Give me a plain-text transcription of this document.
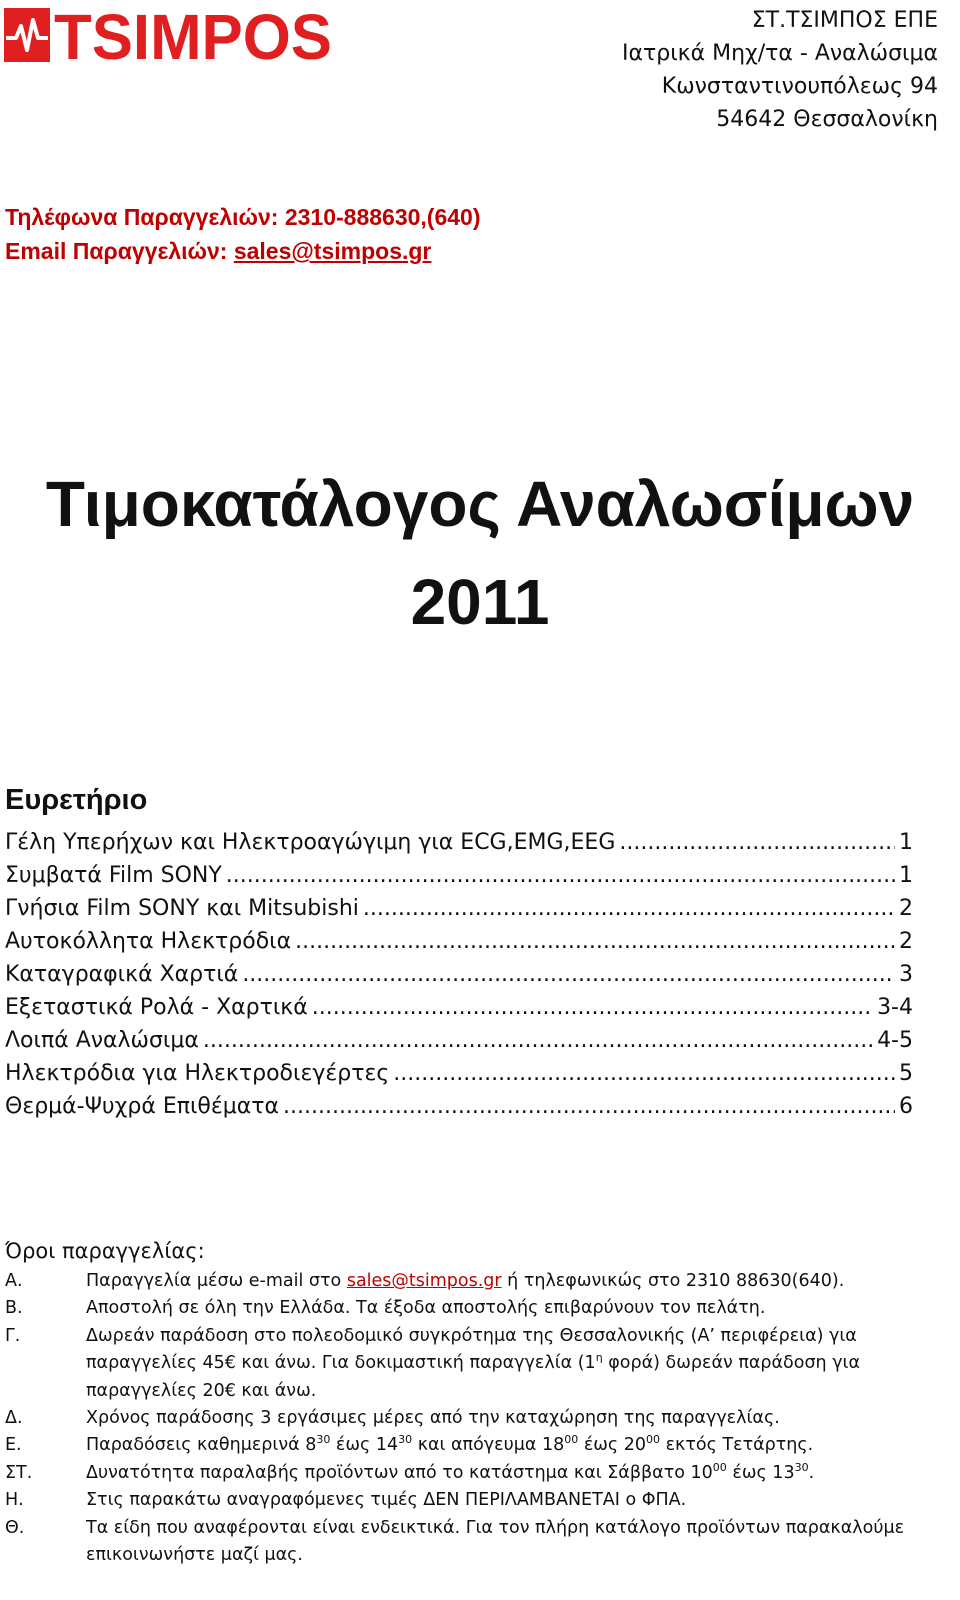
TSIMPOS	ΣΤ.ΤΣΙΜΠΟΣ ΕΠΕ
Ιατρικά Μηχ/τα - Αναλώσιμα
Κωνσταντινουπόλεως 94
54642 Θεσσαλονίκη
Τηλέφωνα Παραγγελιών: 2310-888630,(640)
Email Παραγγελιών: sales@tsimpos.gr
Τιμοκατάλογος Αναλωσίμων
2011
Ευρετήριο
Γέλη Υπερήχων και Ηλεκτροαγώγιμη για ECG,EMG,EEG .....	1
Συμβατά Film SONY .....	1
Γνήσια Film SONY και Mitsubishi .....	2
Αυτοκόλλητα Ηλεκτρόδια .....	2
Καταγραφικά Χαρτιά .....	3
Εξεταστικά Ρολά - Χαρτικά .....	3-4
Λοιπά Αναλώσιμα .....	4-5
Ηλεκτρόδια για Ηλεκτροδιεγέρτες .....	5
Θερμά-Ψυχρά Επιθέματα .....	6
Όροι παραγγελίας:
Α.	Παραγγελία μέσω e-mail στο sales@tsimpos.gr ή τηλεφωνικώς στο 2310 88630(640).
Β.	Αποστολή σε όλη την Ελλάδα. Τα έξοδα αποστολής επιβαρύνουν τον πελάτη.
Γ.	Δωρεάν παράδοση στο πολεοδομικό συγκρότημα της Θεσσαλονικής (Α’ περιφέρεια) για παραγγελίες 45€ και άνω. Για δοκιμαστική παραγγελία ($1^\eta$ φορά) δωρεάν παράδοση για παραγγελίες 20€ και άνω.
Δ.	Χρόνος παράδοσης 3 εργάσιμες μέρες από την καταχώρηση της παραγγελίας.
Ε.	Παραδόσεις καθημερινά $8^{30}$ έως $14^{30}$ και απόγευμα $18^{00}$ έως $20^{00}$ εκτός Τετάρτης.
ΣΤ.	Δυνατότητα παραλαβής προϊόντων από το κατάστημα και Σάββατο $10^{00}$ έως $13^{30}$.
Η.	Στις παρακάτω αναγραφόμενες τιμές ΔΕΝ ΠΕΡΙΛΑΜΒΑΝΕΤΑΙ ο ΦΠΑ.
Θ.	Τα είδη που αναφέρονται είναι ενδεικτικά. Για τον πλήρη κατάλογο προϊόντων παρακαλούμε επικοινωνήστε μαζί μας.
